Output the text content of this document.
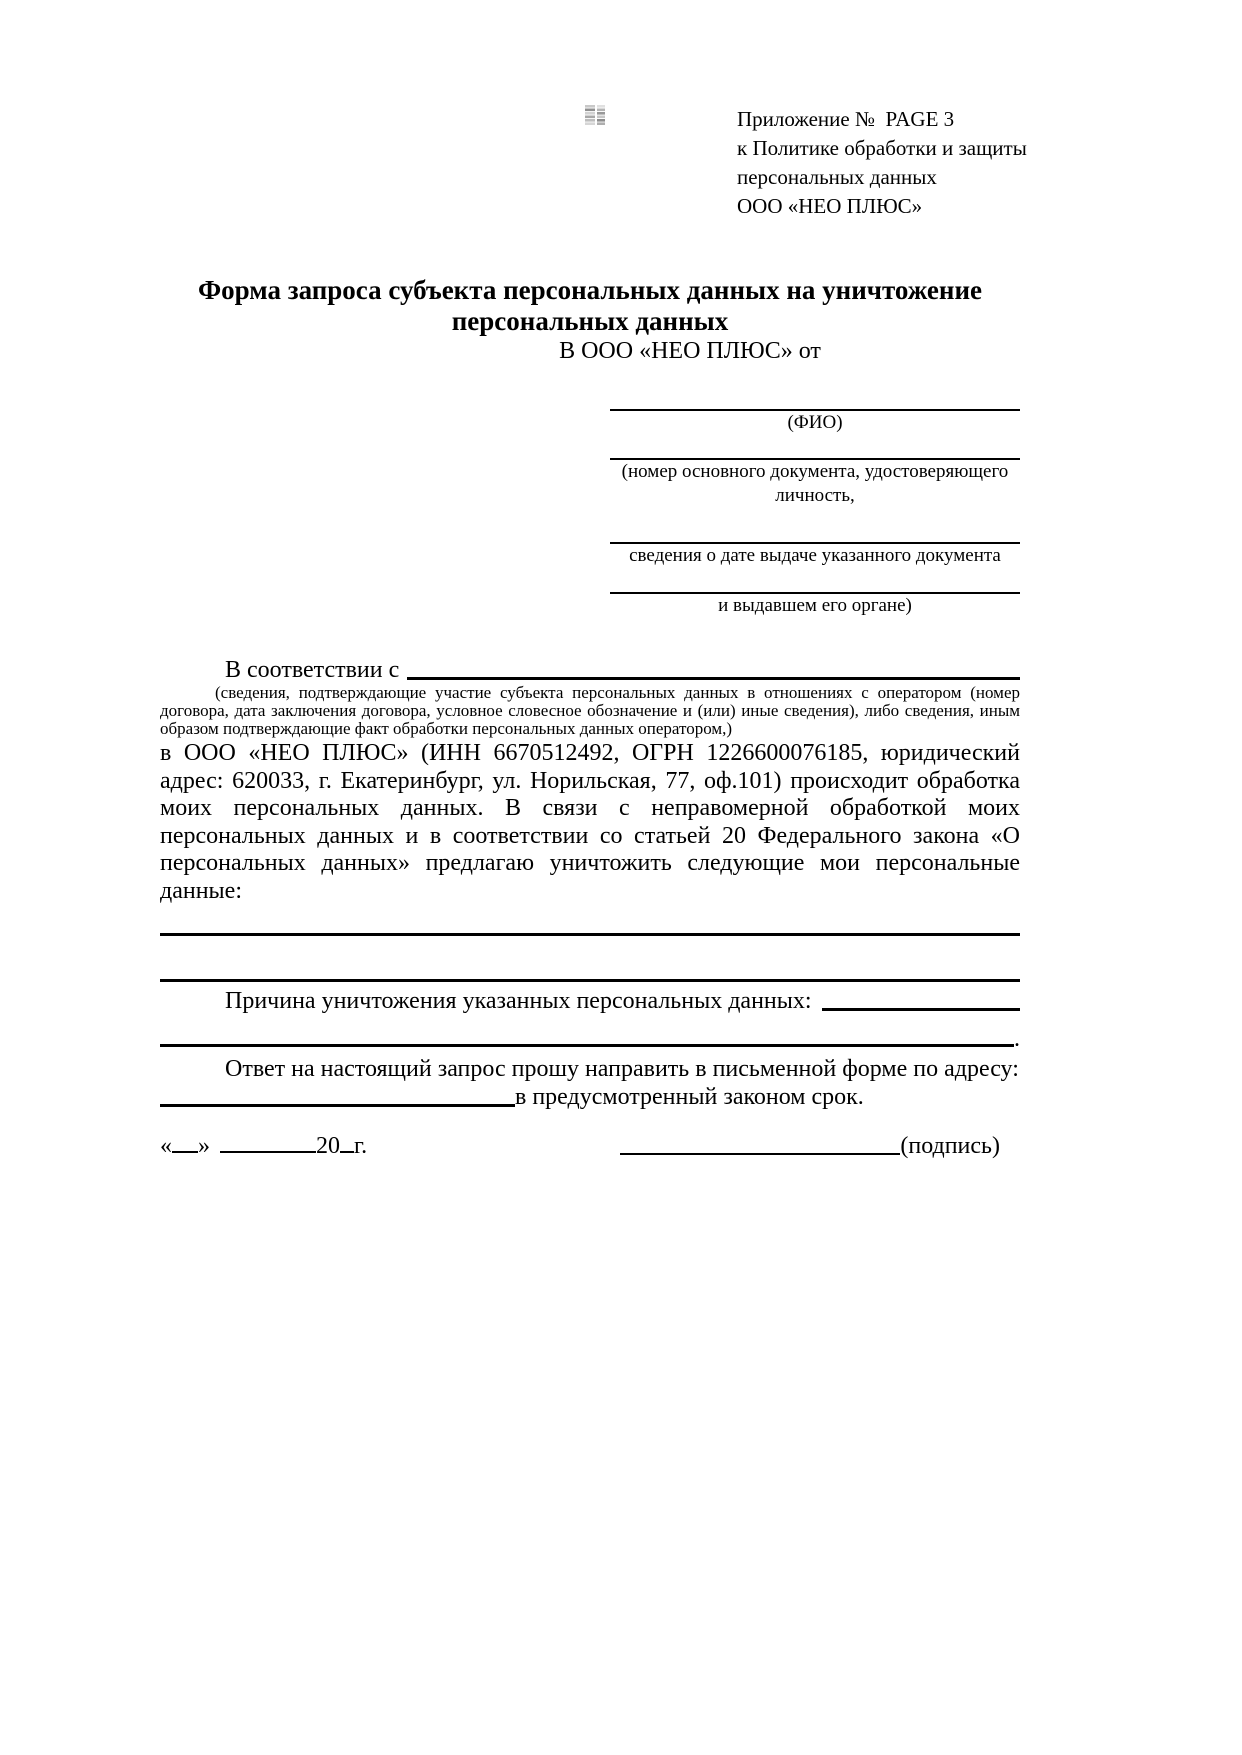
Приложение №  PAGE 3
к Политике обработки и защиты
персональных данных
ООО «НЕО ПЛЮС»
Форма запроса субъекта персональных данных на уничтожение персональных данных
В ООО «НЕО ПЛЮС» от
(ФИО)
(номер основного документа, удостоверяющего личность,
сведения о дате выдаче указанного документа
и выдавшем его органе)
В соответствии с
(сведения, подтверждающие участие субъекта персональных данных в отношениях с оператором (номер договора, дата заключения договора, условное словесное обозначение и (или) иные сведения), либо сведения, иным образом подтверждающие факт обработки персональных данных оператором,)

в ООО «НЕО ПЛЮС» (ИНН 6670512492, ОГРН 1226600076185, юридический адрес: 620033, г. Екатеринбург, ул. Норильская, 77, оф.101) происходит обработка моих персональных данных. В связи с неправомерной обработкой моих персональных данных и в соответствии со статьей 20 Федерального закона «О персональных данных» предлагаю уничтожить следующие мои персональные данные:

Причина уничтожения указанных персональных данных:
.
Ответ на настоящий запрос прошу направить в письменной форме по адресу:
в предусмотренный законом срок.
« »	20 г.	(подпись)
